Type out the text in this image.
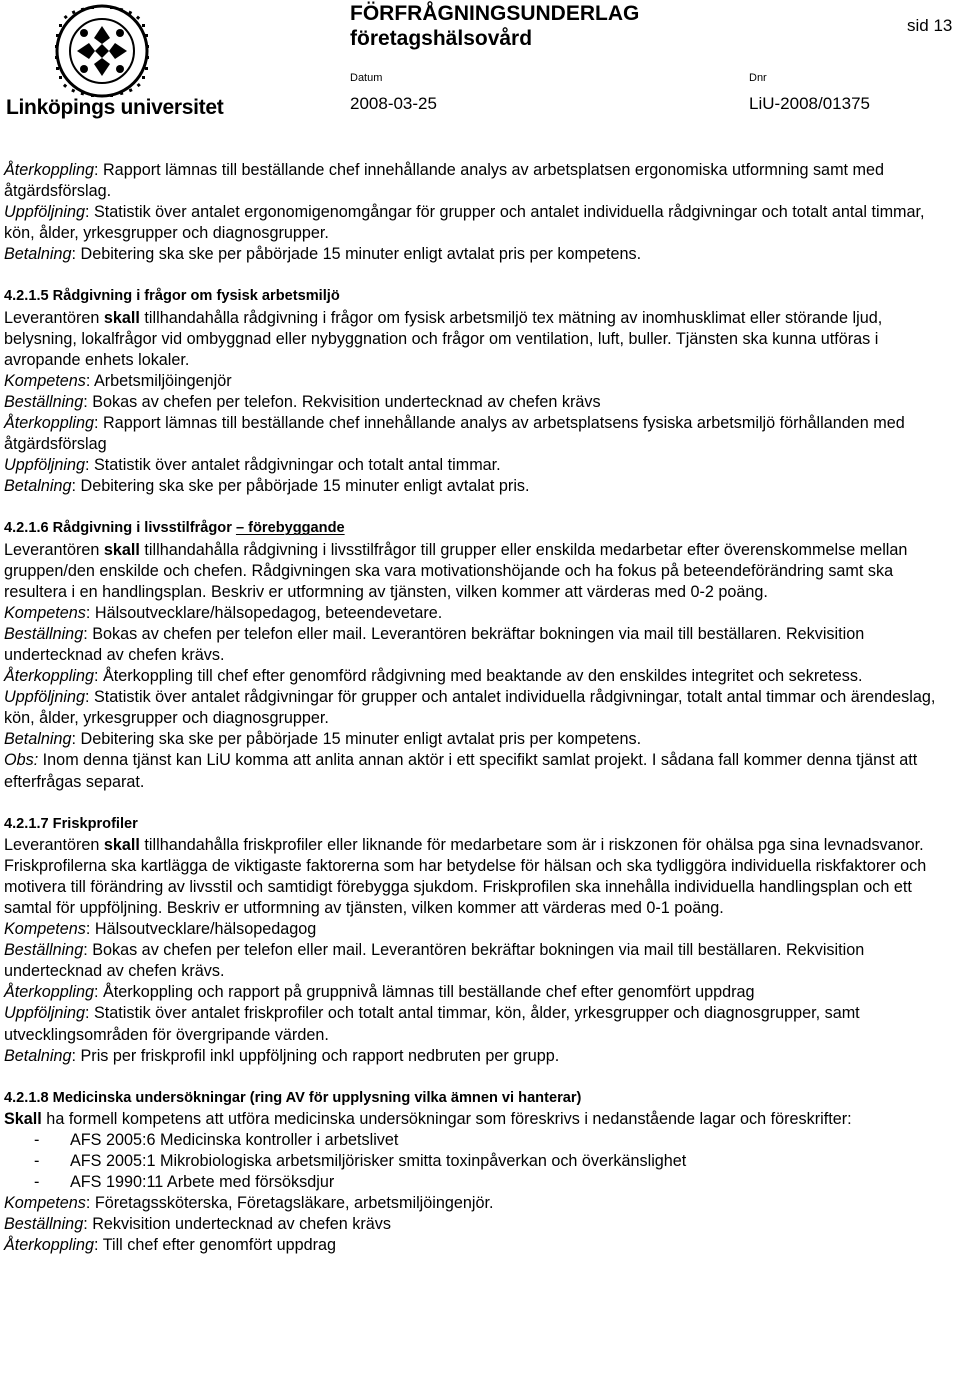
Linköpings universitet
FÖRFRÅGNINGSUNDERLAG
företagshälsovård
Datum
2008-03-25
Dnr
LiU-2008/01375
sid 13

Återkoppling: Rapport lämnas till beställande chef innehållande analys av arbetsplatsen ergonomiska utformning samt med åtgärdsförslag.

Uppföljning: Statistik över antalet ergonomigenomgångar för grupper och antalet individuella rådgivningar och totalt antal timmar, kön, ålder, yrkesgrupper och diagnosgrupper.

Betalning: Debitering ska ske per påbörjade 15 minuter enligt avtalat pris per kompetens.

4.2.1.5 Rådgivning i frågor om fysisk arbetsmiljö

Leverantören skall tillhandahålla rådgivning i frågor om fysisk arbetsmiljö tex mätning av inomhusklimat eller störande ljud, belysning, lokalfrågor vid ombyggnad eller nybyggnation och frågor om ventilation, luft, buller. Tjänsten ska kunna utföras i avropande enhets lokaler.

Kompetens: Arbetsmiljöingenjör

Beställning: Bokas av chefen per telefon. Rekvisition undertecknad av chefen krävs

Återkoppling: Rapport lämnas till beställande chef innehållande analys av arbetsplatsens fysiska arbetsmiljö förhållanden med åtgärdsförslag

Uppföljning: Statistik över antalet rådgivningar och totalt antal timmar.

Betalning: Debitering ska ske per påbörjade 15 minuter enligt avtalat pris.

4.2.1.6 Rådgivning i livsstilfrågor – förebyggande

Leverantören skall tillhandahålla rådgivning i livsstilfrågor till grupper eller enskilda medarbetar efter överenskommelse mellan gruppen/den enskilde och chefen. Rådgivningen ska vara motivationshöjande och ha fokus på beteendeförändring samt ska resultera i en handlingsplan. Beskriv er utformning av tjänsten, vilken kommer att värderas med 0-2 poäng.

Kompetens: Hälsoutvecklare/hälsopedagog, beteendevetare.

Beställning: Bokas av chefen per telefon eller mail. Leverantören bekräftar bokningen via mail till beställaren. Rekvisition undertecknad av chefen krävs.

Återkoppling: Återkoppling till chef efter genomförd rådgivning med beaktande av den enskildes integritet och sekretess.

Uppföljning: Statistik över antalet rådgivningar för grupper och antalet individuella rådgivningar, totalt antal timmar och ärendeslag, kön, ålder, yrkesgrupper och diagnosgrupper.

Betalning: Debitering ska ske per påbörjade 15 minuter enligt avtalat pris per kompetens.

Obs: Inom denna tjänst kan LiU komma att anlita annan aktör i ett specifikt samlat projekt. I sådana fall kommer denna tjänst att efterfrågas separat.

4.2.1.7 Friskprofiler

Leverantören skall tillhandahålla friskprofiler eller liknande för medarbetare som är i riskzonen för ohälsa pga sina levnadsvanor. Friskprofilerna ska kartlägga de viktigaste faktorerna som har betydelse för hälsan och ska tydliggöra individuella riskfaktorer och motivera till förändring av livsstil och samtidigt förebygga sjukdom. Friskprofilen ska innehålla individuella handlingsplan och ett samtal för uppföljning. Beskriv er utformning av tjänsten, vilken kommer att värderas med 0-1 poäng.

Kompetens: Hälsoutvecklare/hälsopedagog

Beställning: Bokas av chefen per telefon eller mail. Leverantören bekräftar bokningen via mail till beställaren. Rekvisition undertecknad av chefen krävs.

Återkoppling: Återkoppling och rapport på gruppnivå lämnas till beställande chef efter genomfört uppdrag

Uppföljning: Statistik över antalet friskprofiler och totalt antal timmar, kön, ålder, yrkesgrupper och diagnosgrupper, samt utvecklingsområden för övergripande värden.

Betalning: Pris per friskprofil inkl uppföljning och rapport nedbruten per grupp.

4.2.1.8 Medicinska undersökningar (ring AV för upplysning vilka ämnen vi hanterar)

Skall ha formell kompetens att utföra medicinska undersökningar som föreskrivs i nedanstående lagar och föreskrifter:

- AFS 2005:6 Medicinska kontroller i arbetslivet

- AFS 2005:1 Mikrobiologiska arbetsmiljörisker smitta toxinpåverkan och överkänslighet

- AFS 1990:11 Arbete med försöksdjur

Kompetens: Företagssköterska, Företagsläkare, arbetsmiljöingenjör.

Beställning: Rekvisition undertecknad av chefen krävs

Återkoppling: Till chef efter genomfört uppdrag
